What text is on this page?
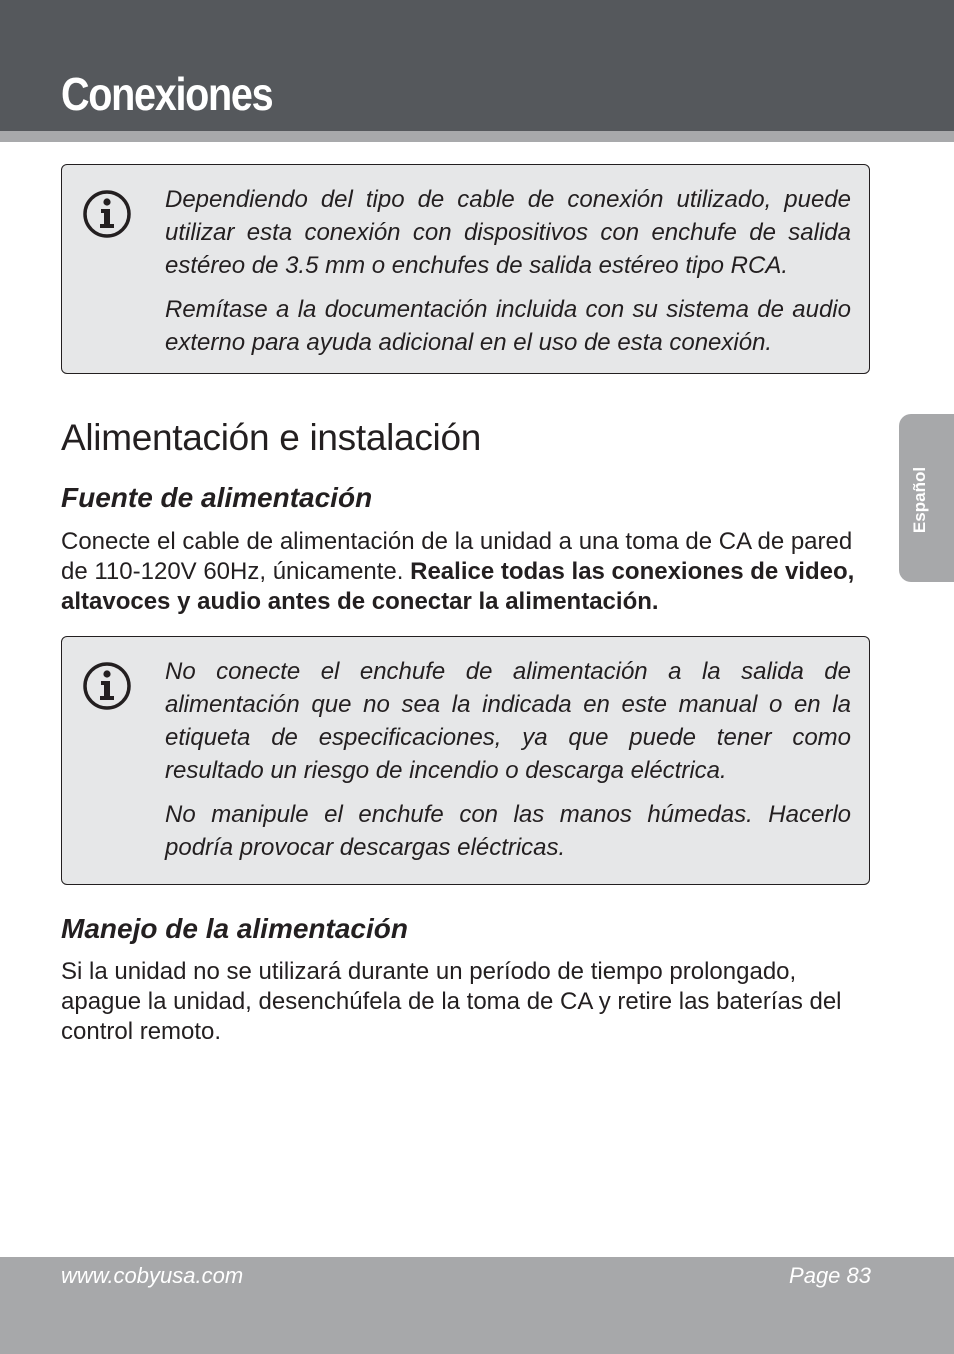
Conexiones
Español

Dependiendo del tipo de cable de conexión utilizado, puede utilizar esta conexión con dispositivos con enchufe de salida estéreo de 3.5 mm o enchufes de salida estéreo tipo RCA.

Remítase a la documentación incluida con su sistema de audio externo para ayuda adicional en el uso de esta conexión.

Alimentación e instalación
Fuente de alimentación

Conecte el cable de alimentación de la unidad a una toma de CA de pared de 110-120V 60Hz, únicamente. Realice todas las conexiones de video, altavoces y audio antes de conectar la alimentación.

No conecte el enchufe de alimentación a la salida de alimentación que no sea la indicada en este manual o en la etiqueta de especificaciones, ya que puede tener como resultado un riesgo de incendio o descarga eléctrica.

No manipule el enchufe con las manos húmedas. Hacerlo podría provocar descargas eléctricas.

Manejo de la alimentación

Si la unidad no se utilizará durante un período de tiempo prolongado, apague la unidad, desenchúfela de la toma de CA y retire las baterías del control remoto.

www.cobyusa.com	Page 83
